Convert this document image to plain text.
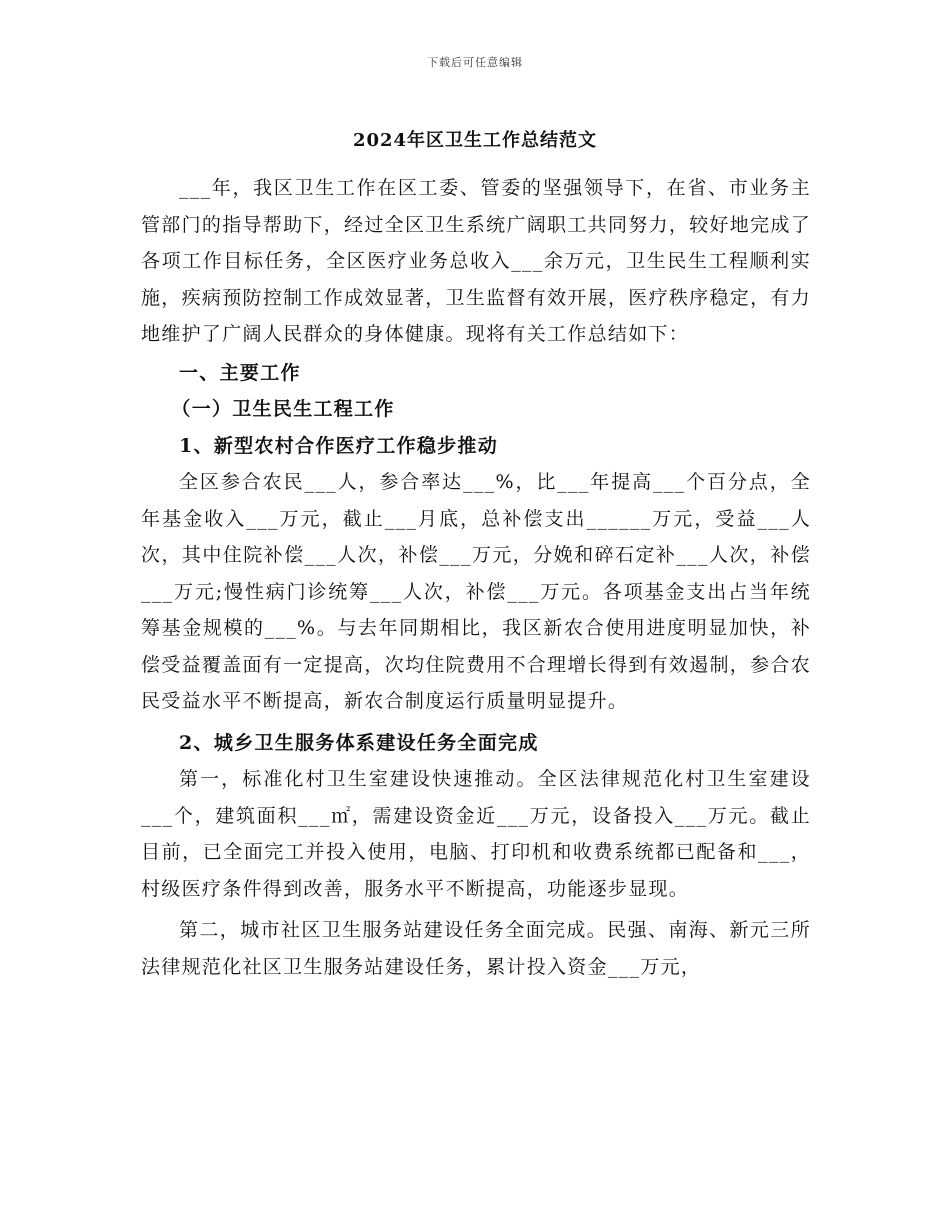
下载后可任意编辑
2024年区卫生工作总结范文

___年，我区卫生工作在区工委、管委的坚强领导下，在省、市业务主管部门的指导帮助下，经过全区卫生系统广阔职工共同努力，较好地完成了各项工作目标任务，全区医疗业务总收入___余万元，卫生民生工程顺利实施，疾病预防控制工作成效显著，卫生监督有效开展，医疗秩序稳定，有力地维护了广阔人民群众的身体健康。现将有关工作总结如下：

一、主要工作

（一）卫生民生工程工作

1、新型农村合作医疗工作稳步推动

全区参合农民___人，参合率达___%，比___年提高___个百分点，全年基金收入___万元，截止___月底，总补偿支出______万元，受益___人次，其中住院补偿___人次，补偿___万元，分娩和碎石定补___人次，补偿___万元;慢性病门诊统筹___人次，补偿___万元。各项基金支出占当年统筹基金规模的___%。与去年同期相比，我区新农合使用进度明显加快，补偿受益覆盖面有一定提高，次均住院费用不合理增长得到有效遏制，参合农民受益水平不断提高，新农合制度运行质量明显提升。

2、城乡卫生服务体系建设任务全面完成

第一，标准化村卫生室建设快速推动。全区法律规范化村卫生室建设___个，建筑面积___㎡，需建设资金近___万元，设备投入___万元。截止目前，已全面完工并投入使用，电脑、打印机和收费系统都已配备和___，村级医疗条件得到改善，服务水平不断提高，功能逐步显现。

第二，城市社区卫生服务站建设任务全面完成。民强、南海、新元三所法律规范化社区卫生服务站建设任务，累计投入资金___万元，
